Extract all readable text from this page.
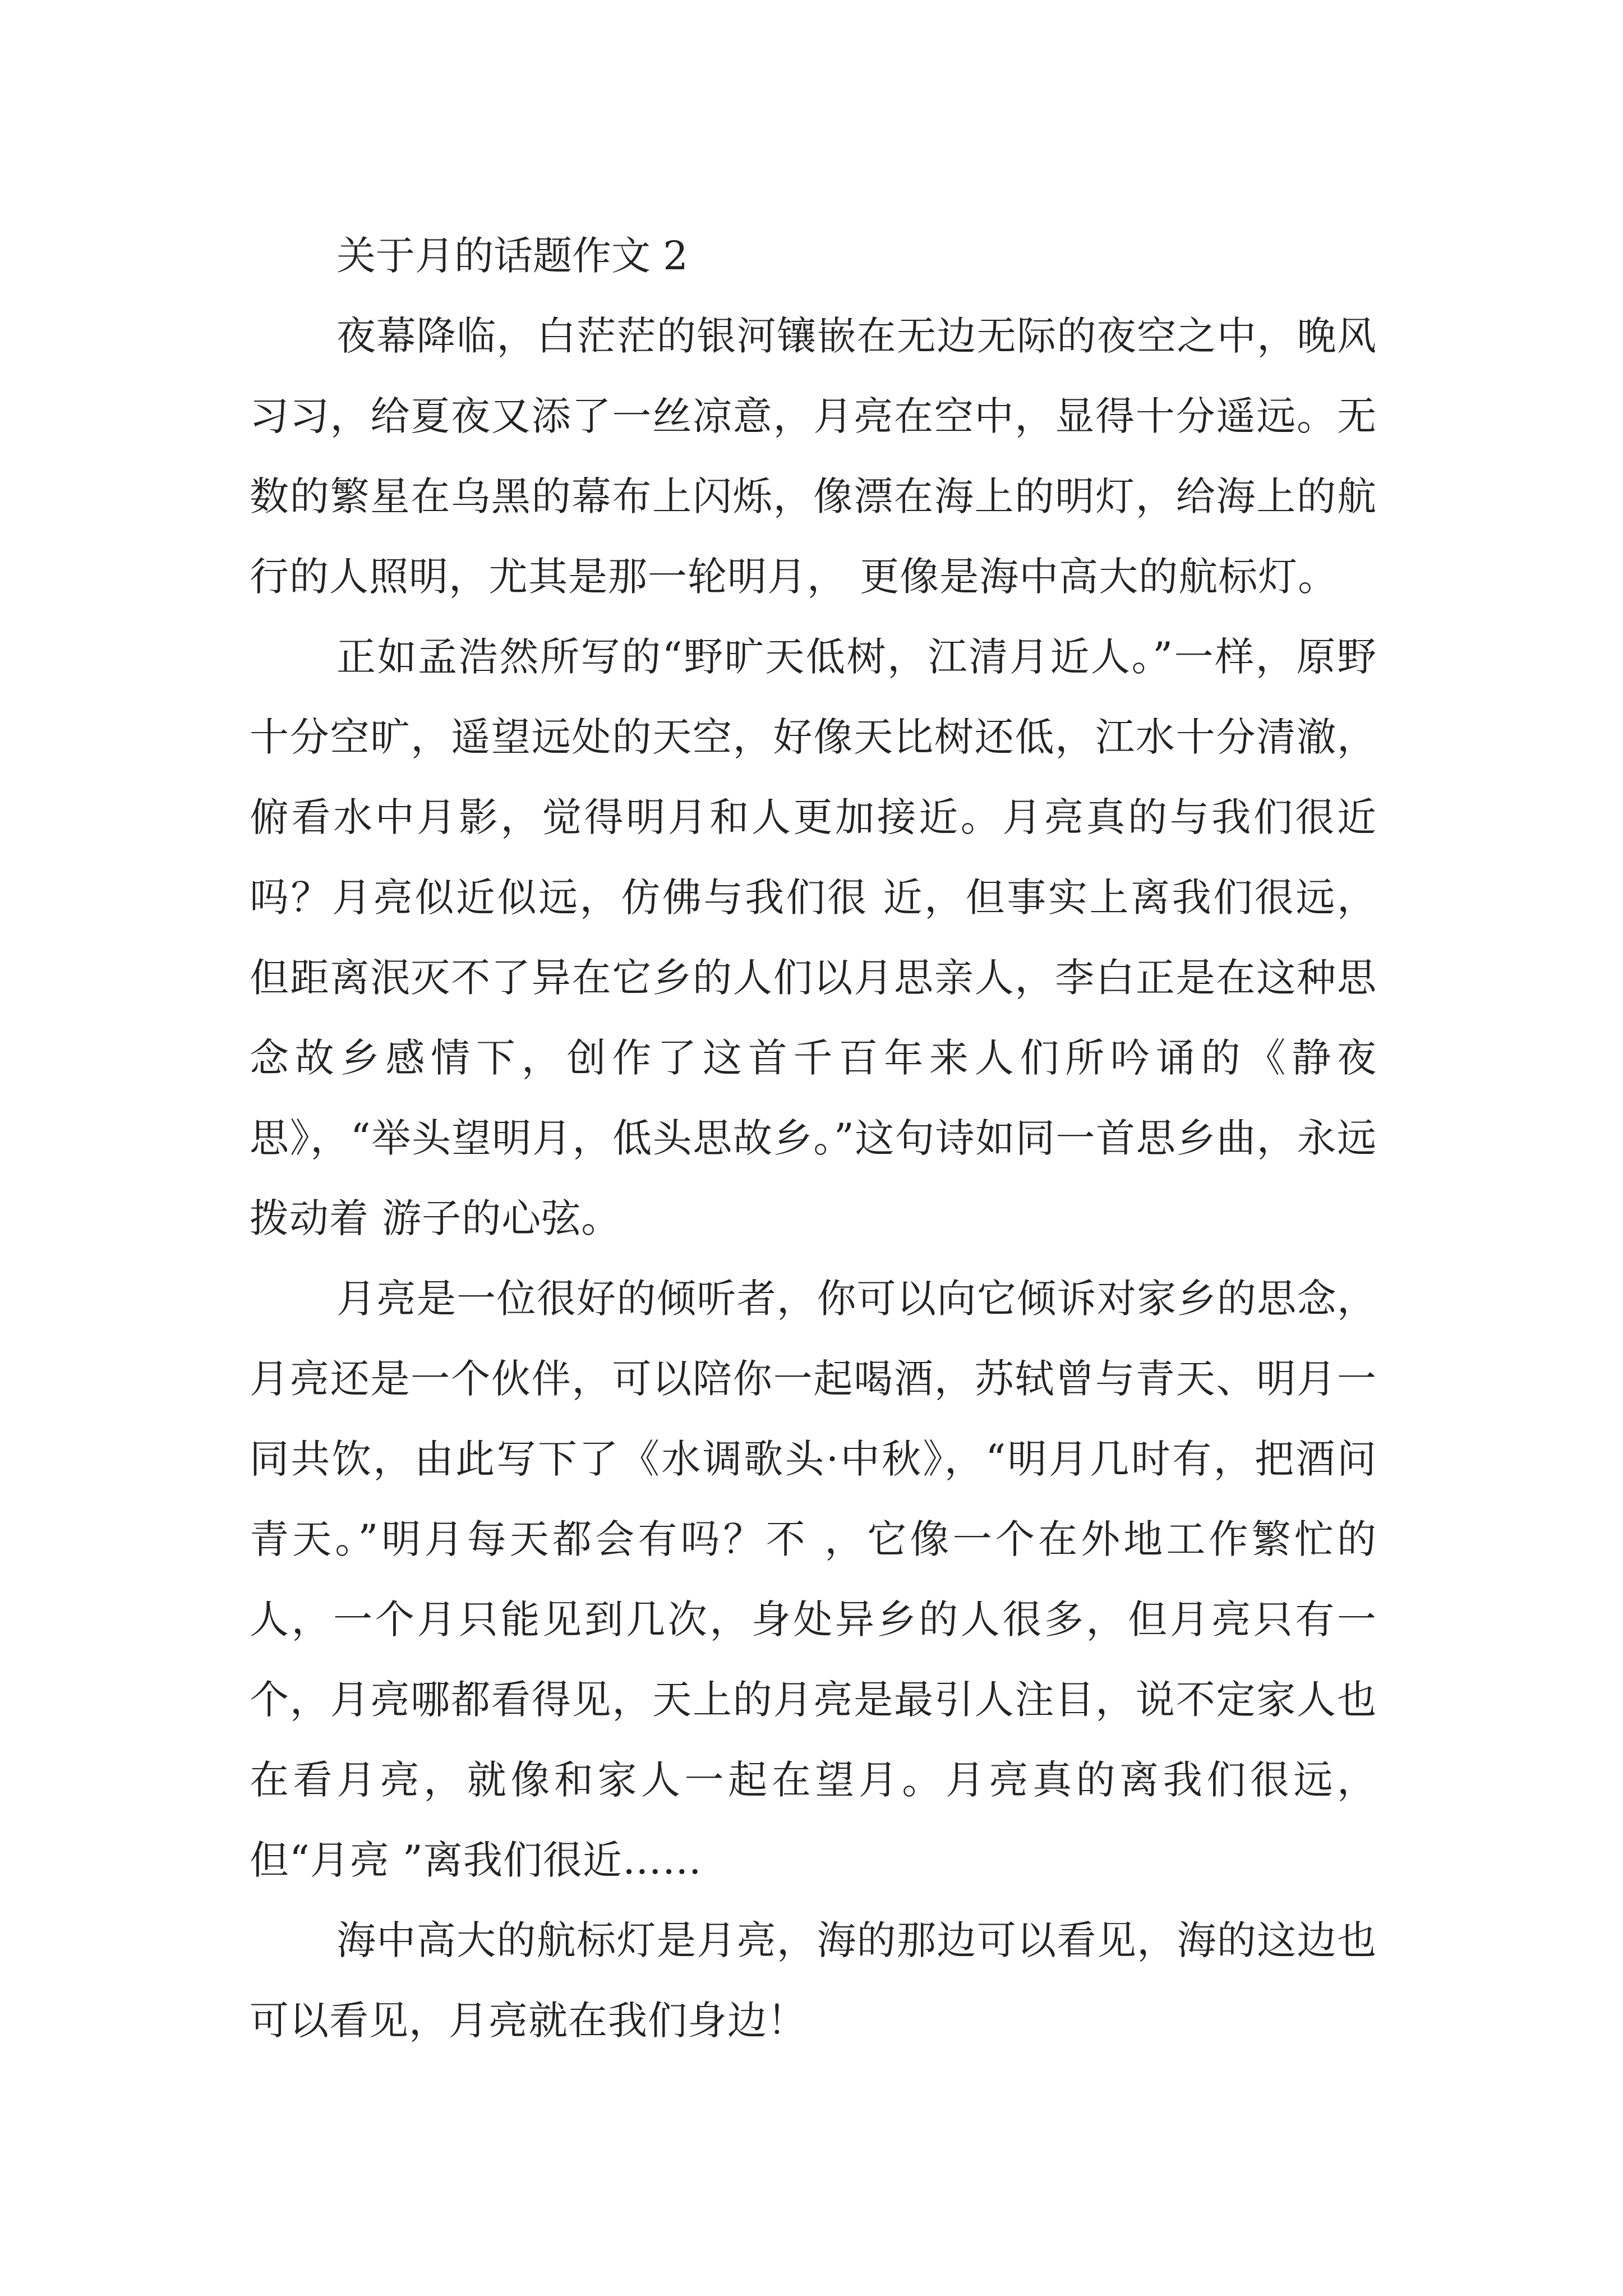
关于月的话题作文 2

夜幕降临，白茫茫的银河镶嵌在无边无际的夜空之中，晚风习习，给夏夜又添了一丝凉意，月亮在空中，显得十分遥远。无数的繁星在乌黑的幕布上闪烁，像漂在海上的明灯，给海上的航行的人照明，尤其是那一轮明月， 更像是海中高大的航标灯。

正如孟浩然所写的“野旷天低树，江清月近人。”一样，原野十分空旷，遥望远处的天空，好像天比树还低，江水十分清澈，俯看水中月影，觉得明月和人更加接近。月亮真的与我们很近吗？月亮似近似远，仿佛与我们很 近，但事实上离我们很远，但距离泯灭不了异在它乡的人们以月思亲人，李白正是在这种思念故乡感情下，创作了这首千百年来人们所吟诵的《静夜思》，“举头望明月，低头思故乡。”这句诗如同一首思乡曲，永远拨动着 游子的心弦。

月亮是一位很好的倾听者，你可以向它倾诉对家乡的思念，月亮还是一个伙伴，可以陪你一起喝酒，苏轼曾与青天、明月一同共饮，由此写下了《水调歌头·中秋》，“明月几时有，把酒问青天。”明月每天都会有吗？不 ，它像一个在外地工作繁忙的人，一个月只能见到几次，身处异乡的人很多，但月亮只有一个，月亮哪都看得见，天上的月亮是最引人注目，说不定家人也在看月亮，就像和家人一起在望月。月亮真的离我们很远，但“月亮 ”离我们很近……

海中高大的航标灯是月亮，海的那边可以看见，海的这边也可以看见，月亮就在我们身边！
